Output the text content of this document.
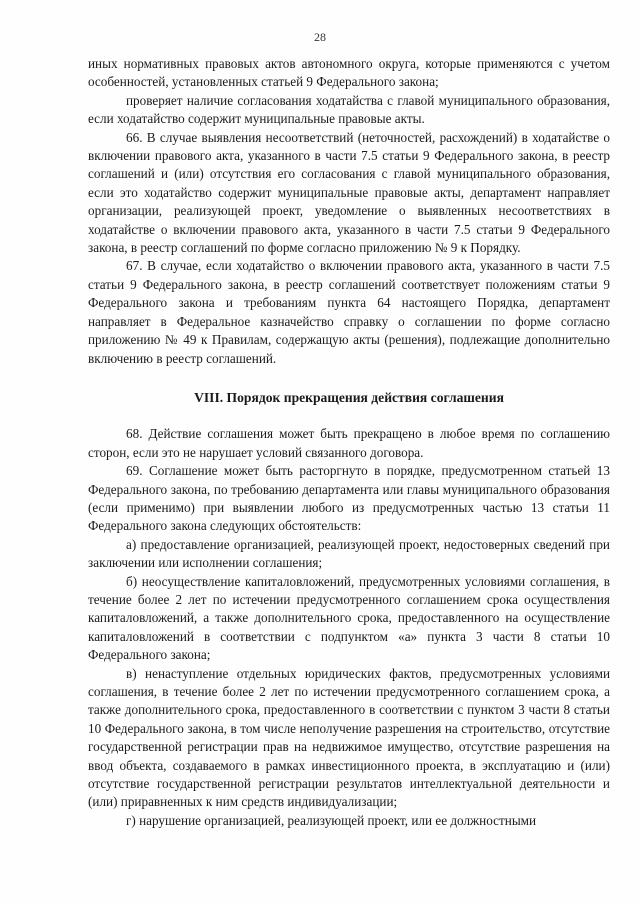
28

иных нормативных правовых актов автономного округа, которые применяются с учетом особенностей, установленных статьей 9 Федерального закона;

проверяет наличие согласования ходатайства с главой муниципального образования, если ходатайство содержит муниципальные правовые акты.

66. В случае выявления несоответствий (неточностей, расхождений) в ходатайстве о включении правового акта, указанного в части 7.5 статьи 9 Федерального закона, в реестр соглашений и (или) отсутствия его согласования с главой муниципального образования, если это ходатайство содержит муниципальные правовые акты, департамент направляет организации, реализующей проект, уведомление о выявленных несоответствиях в ходатайстве о включении правового акта, указанного в части 7.5 статьи 9 Федерального закона, в реестр соглашений по форме согласно приложению № 9 к Порядку.

67. В случае, если ходатайство о включении правового акта, указанного в части 7.5 статьи 9 Федерального закона, в реестр соглашений соответствует положениям статьи 9 Федерального закона и требованиям пункта 64 настоящего Порядка, департамент направляет в Федеральное казначейство справку о соглашении по форме согласно приложению № 49 к Правилам, содержащую акты (решения), подлежащие дополнительно включению в реестр соглашений.

VIII. Порядок прекращения действия соглашения

68. Действие соглашения может быть прекращено в любое время по соглашению сторон, если это не нарушает условий связанного договора.

69. Соглашение может быть расторгнуто в порядке, предусмотренном статьей 13 Федерального закона, по требованию департамента или главы муниципального образования (если применимо) при выявлении любого из предусмотренных частью 13 статьи 11 Федерального закона следующих обстоятельств:

а) предоставление организацией, реализующей проект, недостоверных сведений при заключении или исполнении соглашения;

б) неосуществление капиталовложений, предусмотренных условиями соглашения, в течение более 2 лет по истечении предусмотренного соглашением срока осуществления капиталовложений, а также дополнительного срока, предоставленного на осуществление капиталовложений в соответствии с подпунктом «а» пункта 3 части 8 статьи 10 Федерального закона;

в) ненаступление отдельных юридических фактов, предусмотренных условиями соглашения, в течение более 2 лет по истечении предусмотренного соглашением срока, а также дополнительного срока, предоставленного в соответствии с пунктом 3 части 8 статьи 10 Федерального закона, в том числе неполучение разрешения на строительство, отсутствие государственной регистрации прав на недвижимое имущество, отсутствие разрешения на ввод объекта, создаваемого в рамках инвестиционного проекта, в эксплуатацию и (или) отсутствие государственной регистрации результатов интеллектуальной деятельности и (или) приравненных к ним средств индивидуализации;

г) нарушение организацией, реализующей проект, или ее должностными
